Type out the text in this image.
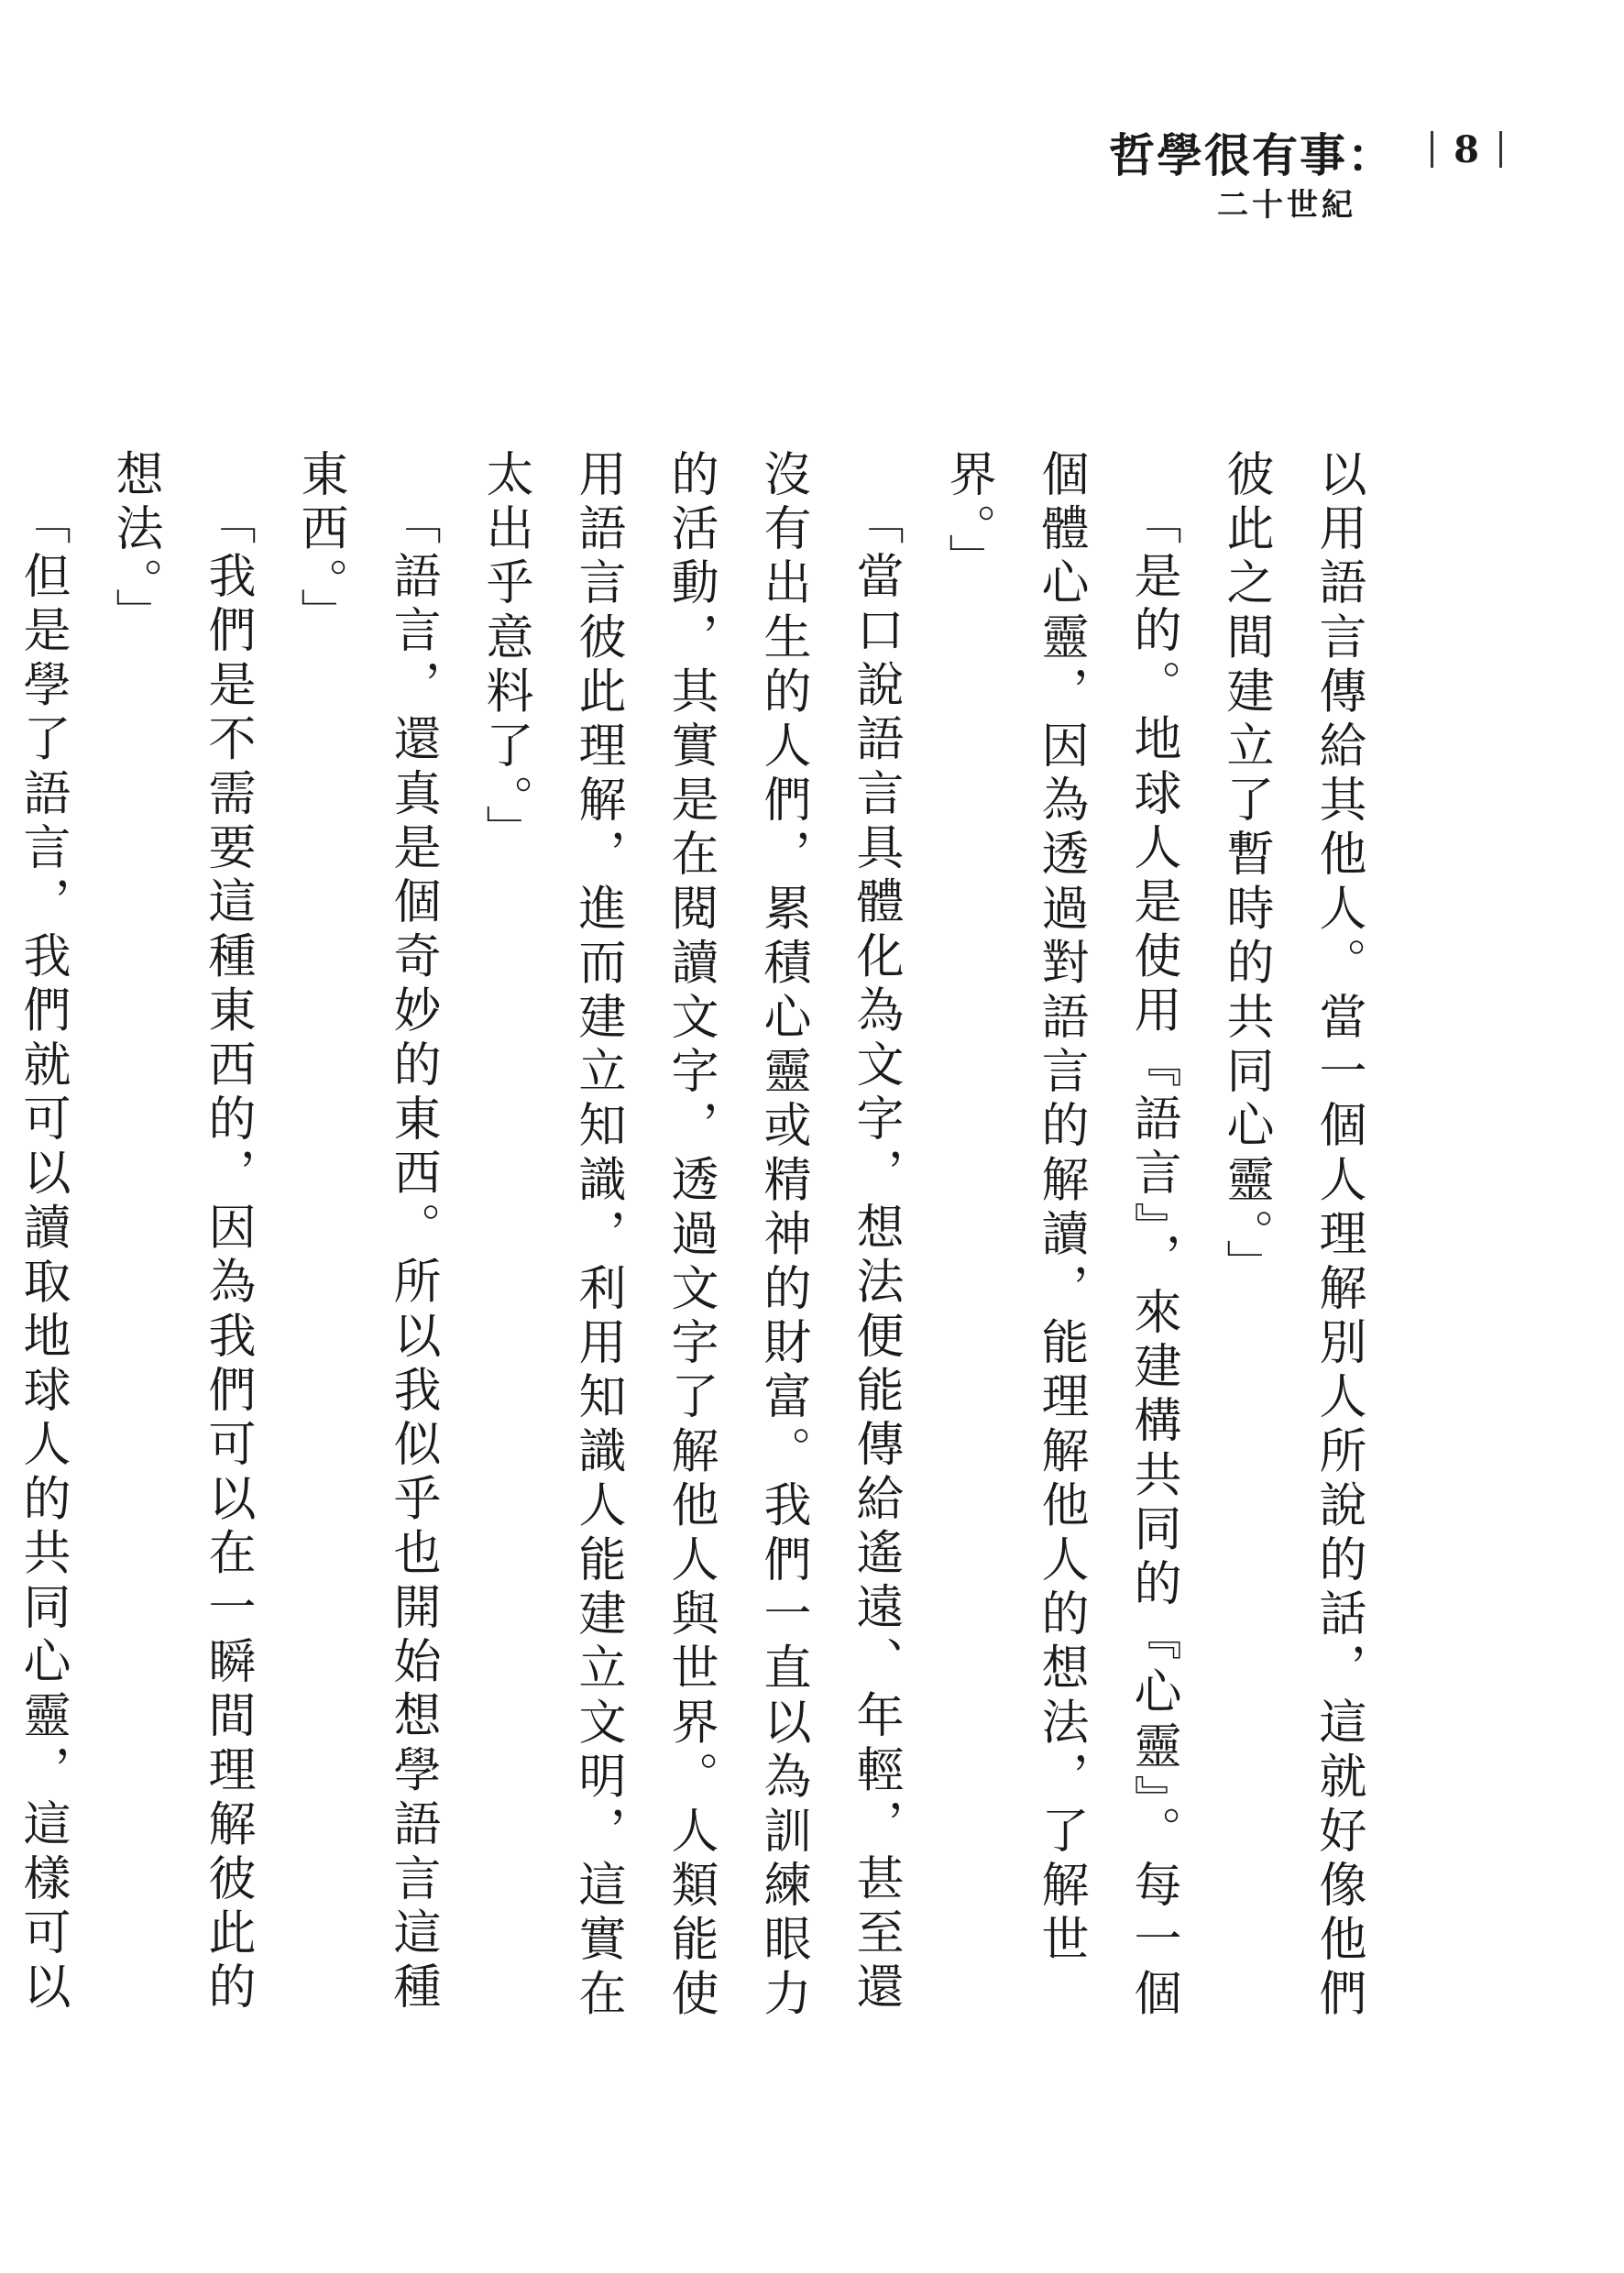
哲學很有事：
二十世紀
8

以用語言傳給其他人。當一個人理解別人所說的話，這就好像他們彼此之間建立了暫時的共同心靈。」

「是的。地球人是使用『語言』，來建構共同的『心靈』。每一個個體心靈，因為透過對語言的解讀，能理解他人的想法，了解世界。」

「當口說語言具體化為文字，想法便能傳給遙遠、年輕，甚至還沒有出生的人們，累積心靈或精神的財富。我們一直以為訓練眼力的活動，其實是在閱讀文字，透過文字了解他人與世界。人類能使用語言彼此理解，進而建立知識，利用知識人能建立文明，這實在太出乎意料了。」

「語言，還真是個奇妙的東西。所以我似乎也開始想學語言這種東西。」

「我們是不需要這種東西的，因為我們可以在一瞬間理解彼此的想法。」

「但是學了語言，我們就可以讀取地球人的共同心靈，這樣可以
